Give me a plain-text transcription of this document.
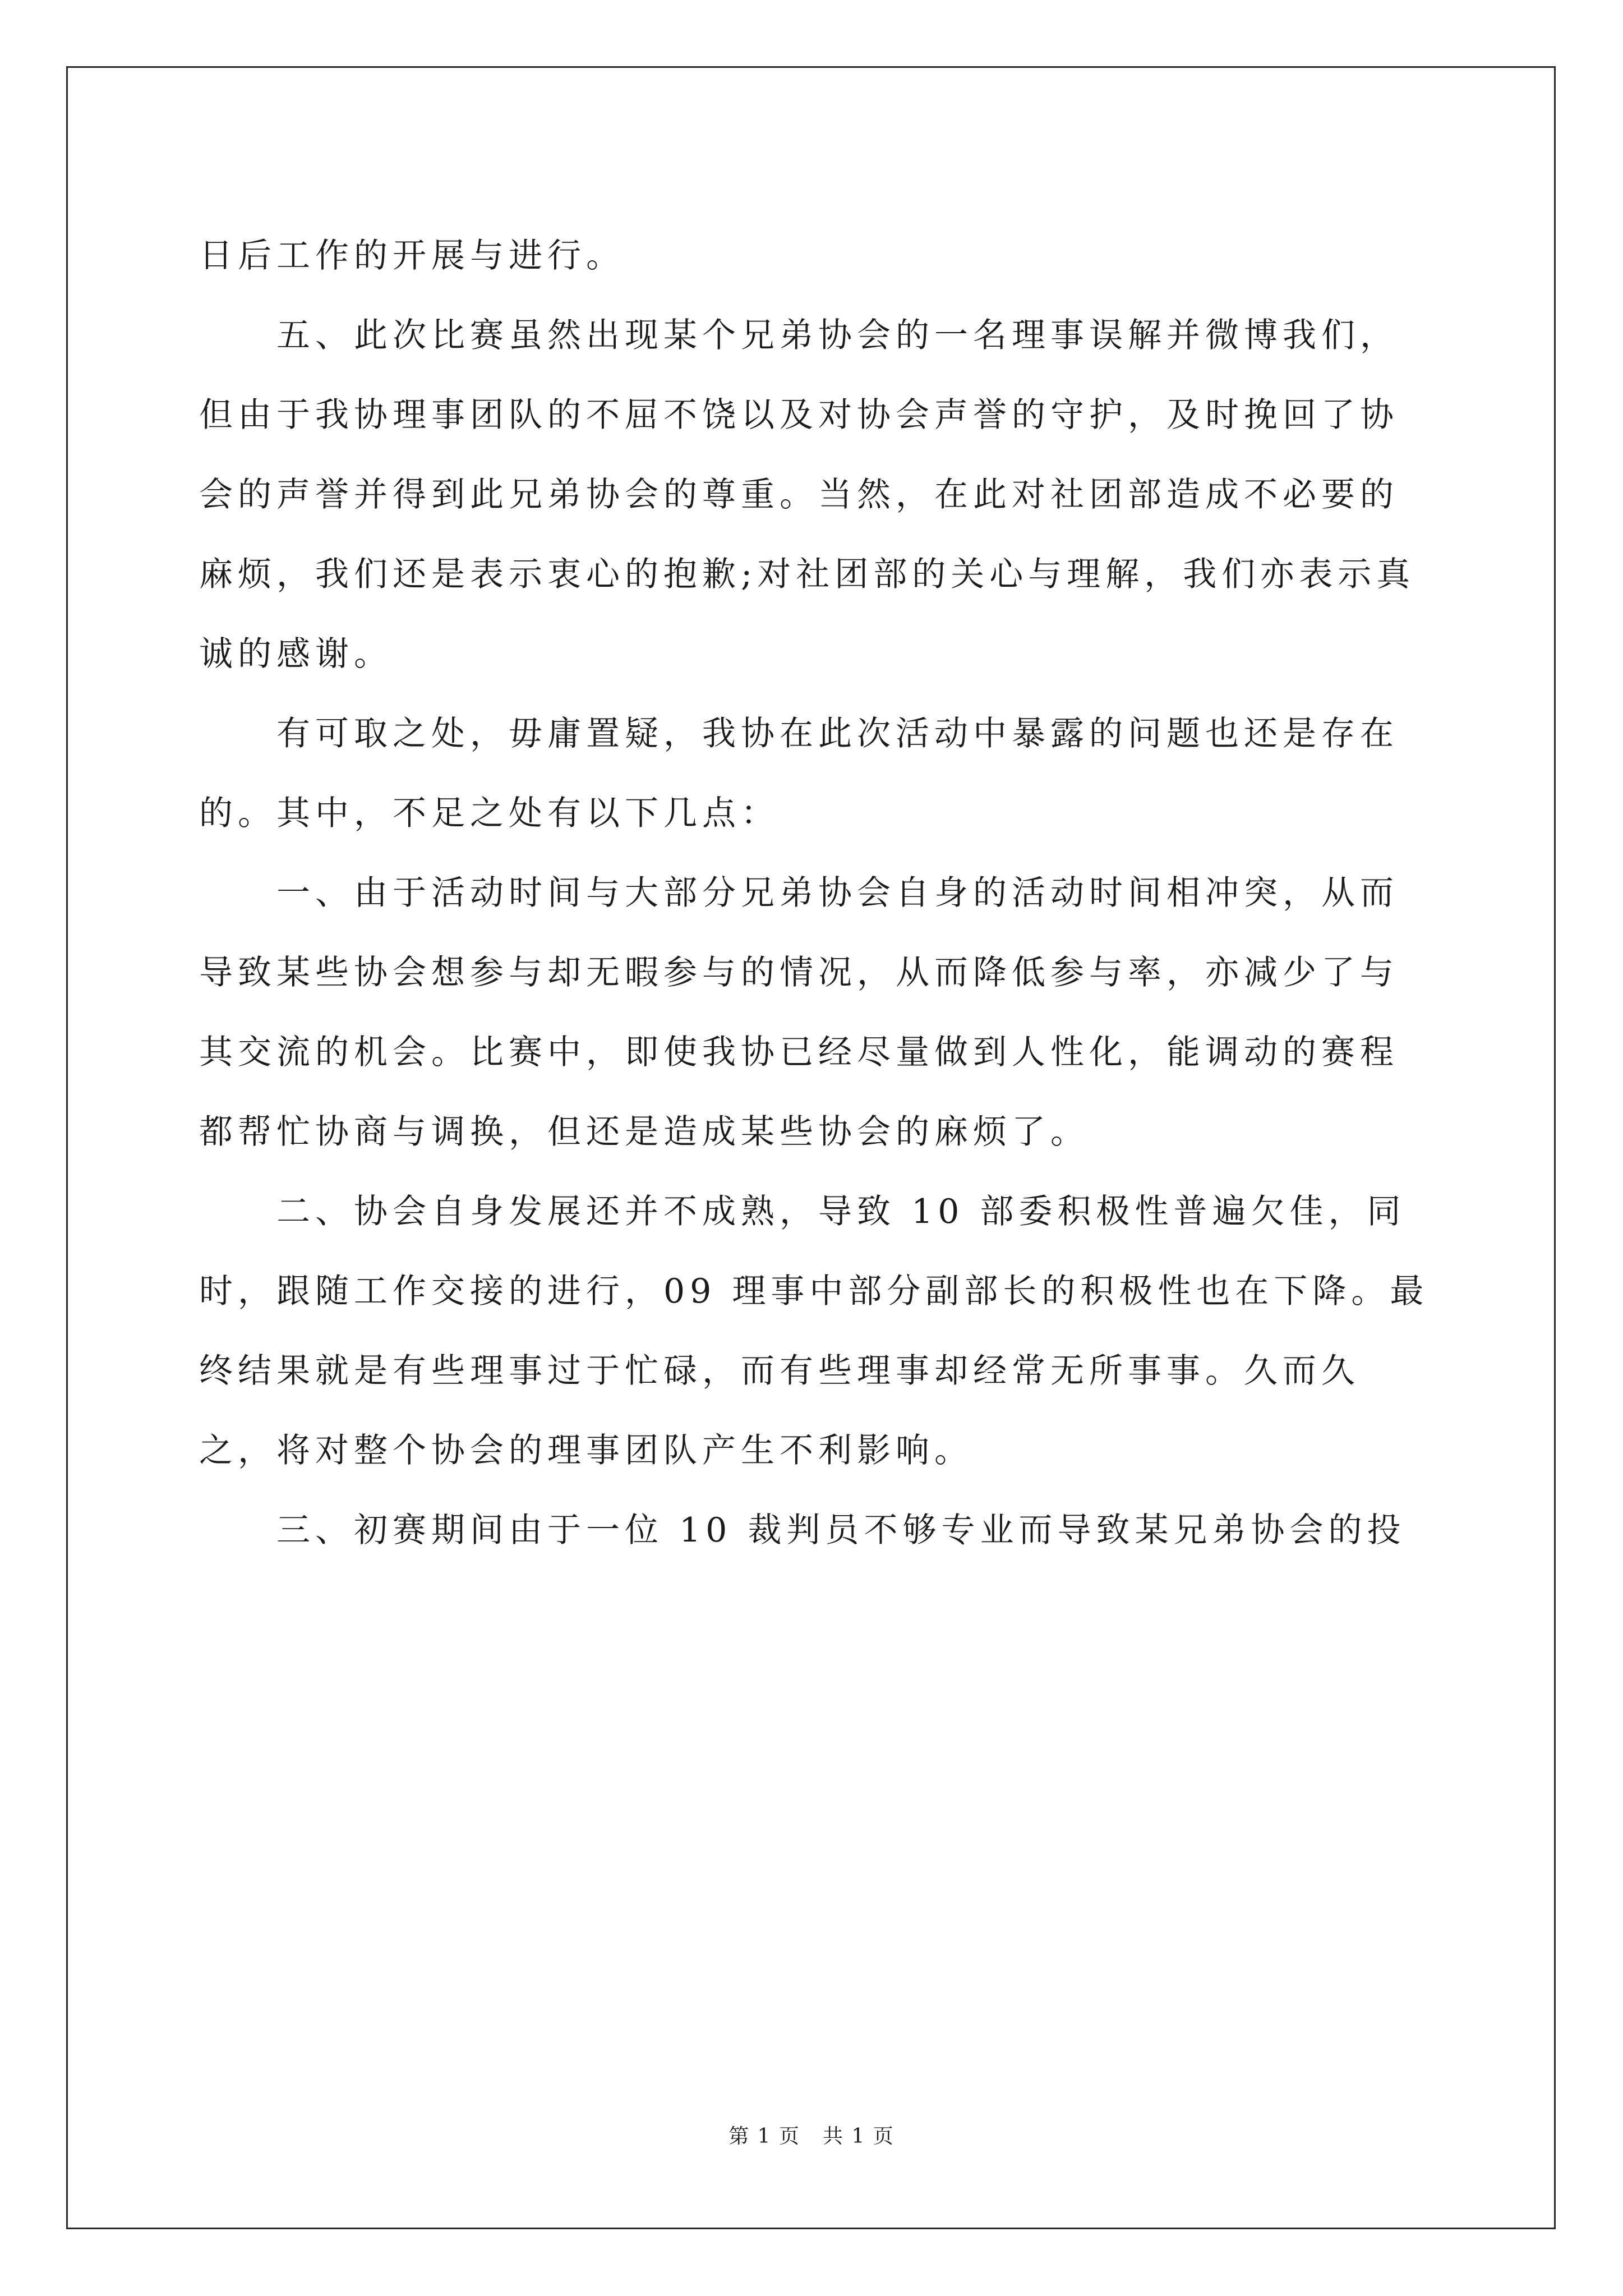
日后工作的开展与进行。

五、此次比赛虽然出现某个兄弟协会的一名理事误解并微博我们，但由于我协理事团队的不屈不饶以及对协会声誉的守护，及时挽回了协会的声誉并得到此兄弟协会的尊重。当然，在此对社团部造成不必要的麻烦，我们还是表示衷心的抱歉;对社团部的关心与理解，我们亦表示真诚的感谢。

有可取之处，毋庸置疑，我协在此次活动中暴露的问题也还是存在的。其中，不足之处有以下几点：

一、由于活动时间与大部分兄弟协会自身的活动时间相冲突，从而导致某些协会想参与却无暇参与的情况，从而降低参与率，亦减少了与其交流的机会。比赛中，即使我协已经尽量做到人性化，能调动的赛程都帮忙协商与调换，但还是造成某些协会的麻烦了。

二、协会自身发展还并不成熟，导致 10 部委积极性普遍欠佳，同时，跟随工作交接的进行，09 理事中部分副部长的积极性也在下降。最终结果就是有些理事过于忙碌，而有些理事却经常无所事事。久而久之，将对整个协会的理事团队产生不利影响。

三、初赛期间由于一位 10 裁判员不够专业而导致某兄弟协会的投

第 1 页 共 1 页
